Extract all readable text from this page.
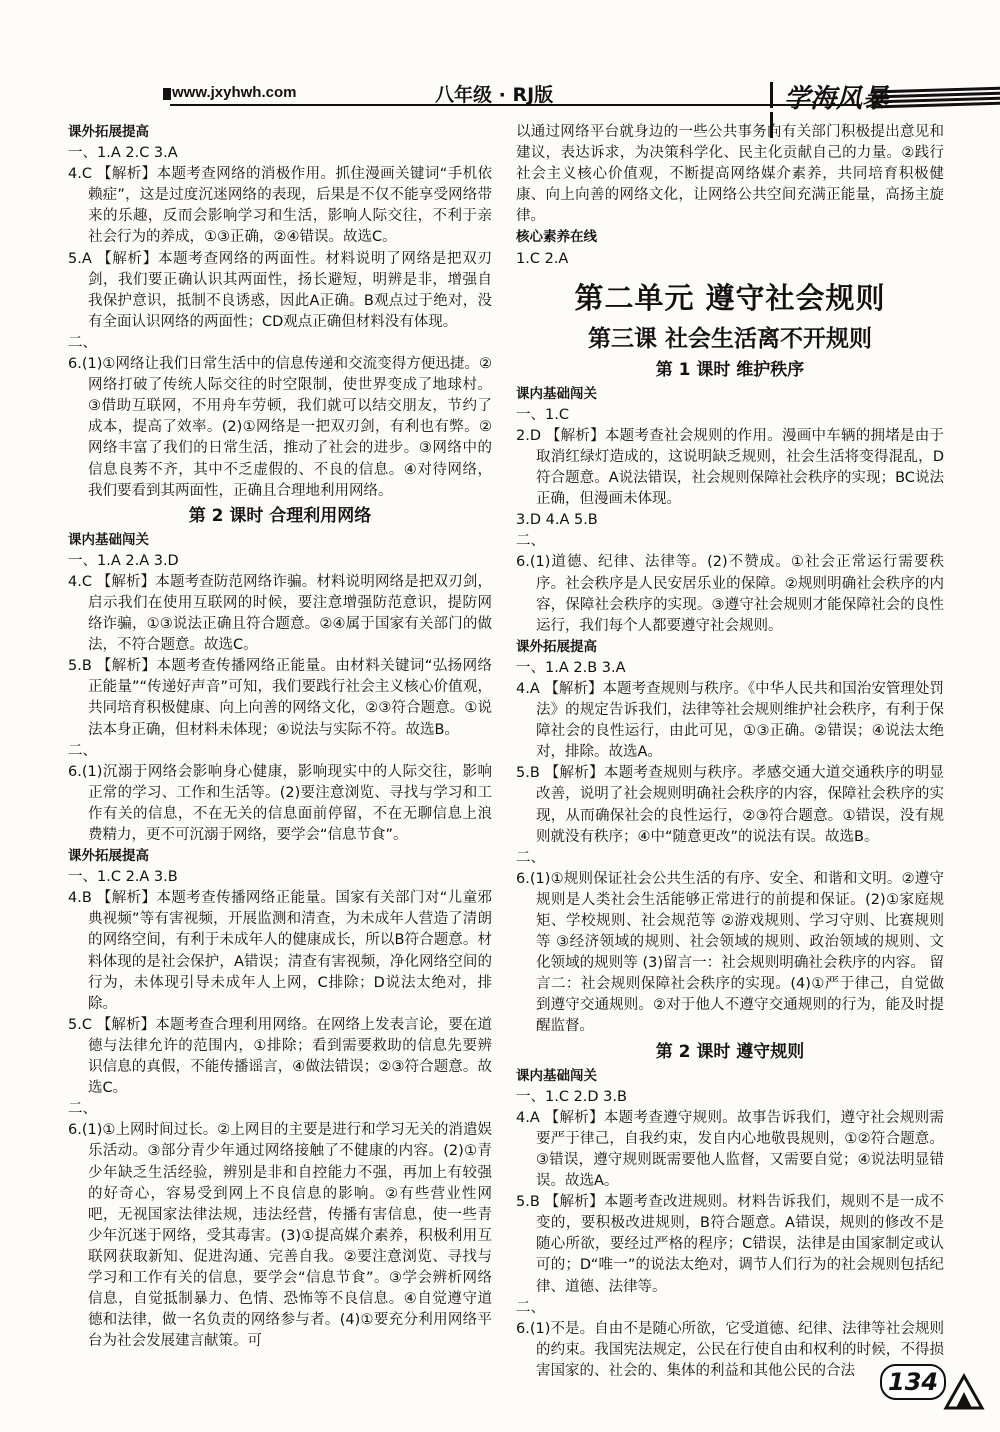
www.jxyhwh.com	八年级 · RJ版	学海风暴

课外拓展提高

一、1.A 2.C 3.A

4.C 【解析】本题考查网络的消极作用。抓住漫画关键词“手机依赖症”，这是过度沉迷网络的表现，后果是不仅不能享受网络带来的乐趣，反而会影响学习和生活，影响人际交往，不利于亲社会行为的养成，①③正确，②④错误。故选C。

5.A 【解析】本题考查网络的两面性。材料说明了网络是把双刃剑，我们要正确认识其两面性，扬长避短，明辨是非，增强自我保护意识，抵制不良诱惑，因此A正确。B观点过于绝对，没有全面认识网络的两面性；CD观点正确但材料没有体现。

二、

6.(1)①网络让我们日常生活中的信息传递和交流变得方便迅捷。②网络打破了传统人际交往的时空限制，使世界变成了地球村。③借助互联网，不用舟车劳顿，我们就可以结交朋友，节约了成本，提高了效率。(2)①网络是一把双刃剑，有利也有弊。②网络丰富了我们的日常生活，推动了社会的进步。③网络中的信息良莠不齐，其中不乏虚假的、不良的信息。④对待网络，我们要看到其两面性，正确且合理地利用网络。

第 2 课时 合理利用网络

课内基础闯关

一、1.A 2.A 3.D

4.C 【解析】本题考查防范网络诈骗。材料说明网络是把双刃剑，启示我们在使用互联网的时候，要注意增强防范意识，提防网络诈骗，①③说法正确且符合题意。②④属于国家有关部门的做法，不符合题意。故选C。

5.B 【解析】本题考查传播网络正能量。由材料关键词“弘扬网络正能量”“传递好声音”可知，我们要践行社会主义核心价值观，共同培育积极健康、向上向善的网络文化，②③符合题意。①说法本身正确，但材料未体现；④说法与实际不符。故选B。

二、

6.(1)沉溺于网络会影响身心健康，影响现实中的人际交往，影响正常的学习、工作和生活等。(2)要注意浏览、寻找与学习和工作有关的信息，不在无关的信息面前停留，不在无聊信息上浪费精力，更不可沉溺于网络，要学会“信息节食”。

课外拓展提高

一、1.C 2.A 3.B

4.B 【解析】本题考查传播网络正能量。国家有关部门对“儿童邪典视频”等有害视频，开展监测和清查，为未成年人营造了清朗的网络空间，有利于未成年人的健康成长，所以B符合题意。材料体现的是社会保护，A错误；清查有害视频，净化网络空间的行为，未体现引导未成年人上网，C排除；D说法太绝对，排除。

5.C 【解析】本题考查合理利用网络。在网络上发表言论，要在道德与法律允许的范围内，①排除；看到需要救助的信息先要辨识信息的真假，不能传播谣言，④做法错误；②③符合题意。故选C。

二、

6.(1)①上网时间过长。②上网目的主要是进行和学习无关的消遣娱乐活动。③部分青少年通过网络接触了不健康的内容。(2)①青少年缺乏生活经验，辨别是非和自控能力不强，再加上有较强的好奇心，容易受到网上不良信息的影响。②有些营业性网吧，无视国家法律法规，违法经营，传播有害信息，使一些青少年沉迷于网络，受其毒害。(3)①提高媒介素养，积极利用互联网获取新知、促进沟通、完善自我。②要注意浏览、寻找与学习和工作有关的信息，要学会“信息节食”。③学会辨析网络信息，自觉抵制暴力、色情、恐怖等不良信息。④自觉遵守道德和法律，做一名负责的网络参与者。(4)①要充分利用网络平台为社会发展建言献策。可

以通过网络平台就身边的一些公共事务向有关部门积极提出意见和建议，表达诉求，为决策科学化、民主化贡献自己的力量。②践行社会主义核心价值观，不断提高网络媒介素养，共同培育积极健康、向上向善的网络文化，让网络公共空间充满正能量，高扬主旋律。

核心素养在线

1.C 2.A

第二单元 遵守社会规则
第三课 社会生活离不开规则
第 1 课时 维护秩序

课内基础闯关

一、1.C

2.D 【解析】本题考查社会规则的作用。漫画中车辆的拥堵是由于取消红绿灯造成的，这说明缺乏规则，社会生活将变得混乱，D符合题意。A说法错误，社会规则保障社会秩序的实现；BC说法正确，但漫画未体现。

3.D 4.A 5.B

二、

6.(1)道德、纪律、法律等。(2)不赞成。①社会正常运行需要秩序。社会秩序是人民安居乐业的保障。②规则明确社会秩序的内容，保障社会秩序的实现。③遵守社会规则才能保障社会的良性运行，我们每个人都要遵守社会规则。

课外拓展提高

一、1.A 2.B 3.A

4.A 【解析】本题考查规则与秩序。《中华人民共和国治安管理处罚法》的规定告诉我们，法律等社会规则维护社会秩序，有利于保障社会的良性运行，由此可见，①③正确。②错误；④说法太绝对，排除。故选A。

5.B 【解析】本题考查规则与秩序。孝感交通大道交通秩序的明显改善，说明了社会规则明确社会秩序的内容，保障社会秩序的实现，从而确保社会的良性运行，②③符合题意。①错误，没有规则就没有秩序；④中“随意更改”的说法有误。故选B。

二、

6.(1)①规则保证社会公共生活的有序、安全、和谐和文明。②遵守规则是人类社会生活能够正常进行的前提和保证。(2)①家庭规矩、学校规则、社会规范等 ②游戏规则、学习守则、比赛规则等 ③经济领域的规则、社会领域的规则、政治领域的规则、文化领域的规则等 (3)留言一：社会规则明确社会秩序的内容。 留言二：社会规则保障社会秩序的实现。(4)①严于律己，自觉做到遵守交通规则。②对于他人不遵守交通规则的行为，能及时提醒监督。

第 2 课时 遵守规则

课内基础闯关

一、1.C 2.D 3.B

4.A 【解析】本题考查遵守规则。故事告诉我们，遵守社会规则需要严于律己，自我约束，发自内心地敬畏规则，①②符合题意。③错误，遵守规则既需要他人监督，又需要自觉；④说法明显错误。故选A。

5.B 【解析】本题考查改进规则。材料告诉我们，规则不是一成不变的，要积极改进规则，B符合题意。A错误，规则的修改不是随心所欲，要经过严格的程序；C错误，法律是由国家制定或认可的；D“唯一”的说法太绝对，调节人们行为的社会规则包括纪律、道德、法律等。

二、

6.(1)不是。自由不是随心所欲，它受道德、纪律、法律等社会规则的约束。我国宪法规定，公民在行使自由和权利的时候，不得损害国家的、社会的、集体的利益和其他公民的合法	134
